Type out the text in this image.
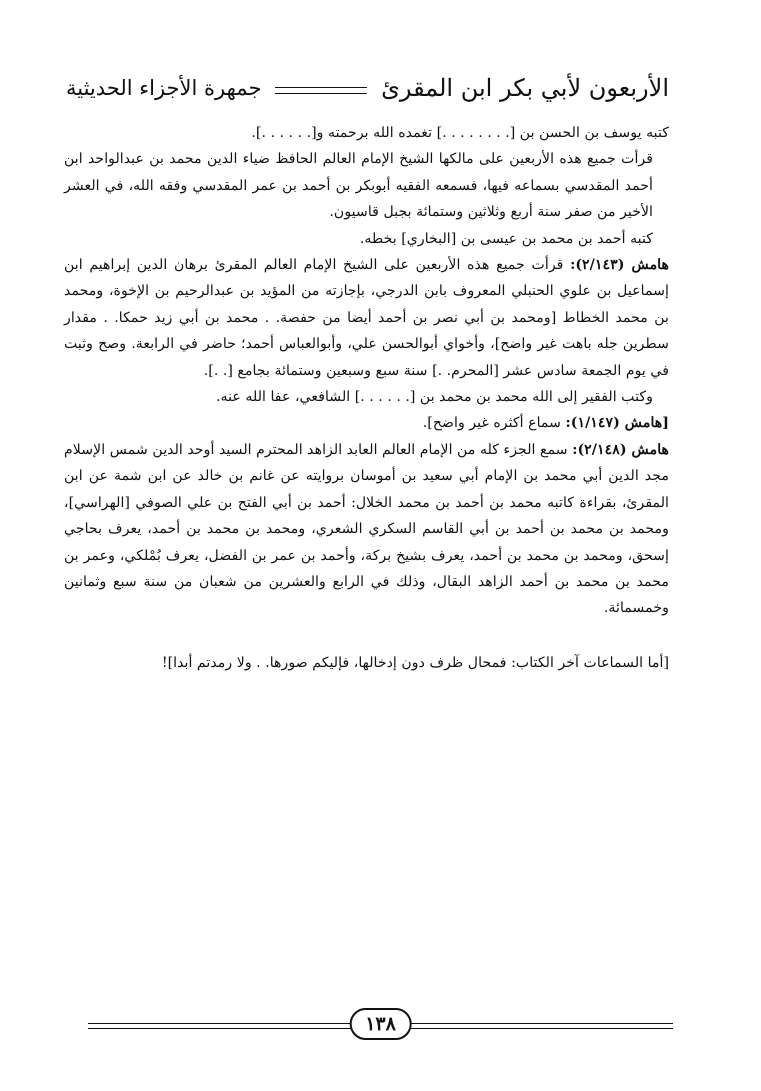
الأربعون لأبي بكر ابن المقرئ
جمهرة الأجزاء الحديثية

كتبه يوسف بن الحسن بن [. . . . . . . .] تغمده الله برحمته و[. . . . . .].

قرأت جميع هذه الأربعين على مالكها الشيخ الإمام العالم الحافظ ضياء الدين محمد بن عبدالواحد ابن أحمد المقدسي بسماعه فيها، فسمعه الفقيه أبوبكر بن أحمد بن عمر المقدسي وفقه الله، في العشر الأخير من صفر سنة أربع وثلاثين وستمائة بجبل قاسيون.

كتبه أحمد بن محمد بن عيسى بن [البخاري] بخطه.

هامش (٢/١٤٣): قرأت جميع هذه الأربعين على الشيخ الإمام العالم المقرئ برهان الدين إبراهيم ابن إسماعيل بن علوي الحنبلي المعروف بابن الدرجي، بإجازته من المؤيد بن عبدالرحيم بن الإخوة، ومحمد بن محمد الخطاط [ومحمد بن أبي نصر بن أحمد أيضا من حفصة. . محمد بن أبي زيد حمكا. . مقدار سطرين جله باهت غير واضح]، وأخواي أبوالحسن علي، وأبوالعباس أحمد؛ حاضر في الرابعة. وصح وثبت في يوم الجمعة سادس عشر [المحرم. .] سنة سبع وسبعين وستمائة بجامع [. .].

وكتب الفقير إلى الله محمد بن محمد بن [. . . . . .] الشافعي، عفا الله عنه.

[هامش (١/١٤٧): سماع أكثره غير واضح].

هامش (٢/١٤٨): سمع الجزء كله من الإمام العالم العابد الزاهد المحترم السيد أوحد الدين شمس الإسلام مجد الدين أبي محمد بن الإمام أبي سعيد بن أموسان بروايته عن غانم بن خالد عن ابن شمة عن ابن المقرئ، بقراءة كاتبه محمد بن أحمد بن محمد الخلال: أحمد بن أبي الفتح بن علي الصوفي [الهراسي]، ومحمد بن محمد بن أحمد بن أبي القاسم السكري الشعري، ومحمد بن محمد بن أحمد، يعرف بحاجي إسحق، ومحمد بن محمد بن أحمد، يعرف بشيخ بركة، وأحمد بن عمر بن الفضل، يعرف بُمْلكي، وعمر بن محمد بن محمد بن أحمد الزاهد البقال، وذلك في الرابع والعشرين من شعبان من سنة سبع وثمانين وخمسمائة.

[أما السماعات آخر الكتاب: فمحال ظرف دون إدخالها، فإليكم صورها. . ولا رمدتم أبدا]!

١٣٨
